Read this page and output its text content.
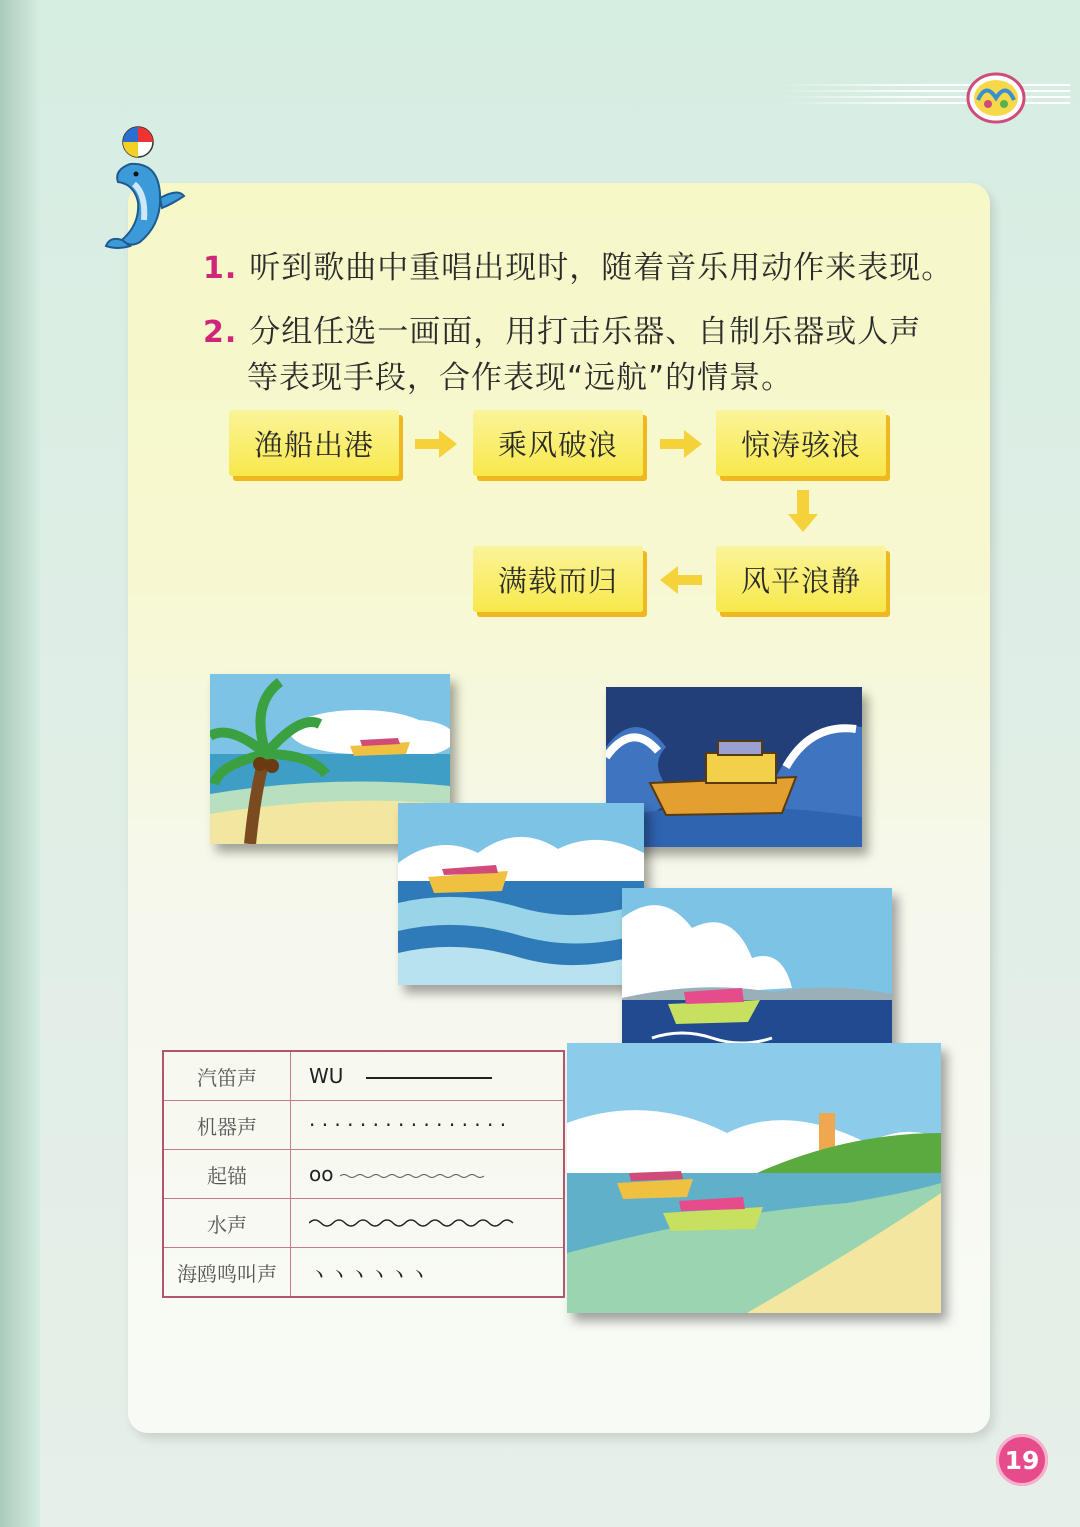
1. 听到歌曲中重唱出现时，随着音乐用动作来表现。
2. 分组任选一画面，用打击乐器、自制乐器或人声
等表现手段，合作表现“远航”的情景。
渔船出港	乘风破浪	惊涛骇浪
风平浪静
满载而归
汽笛声	WU
机器声	· · · · · · · · · · · · · · · ·
起锚	oo
水声	
海鸥鸣叫声	ヽヽヽヽヽヽ
19
